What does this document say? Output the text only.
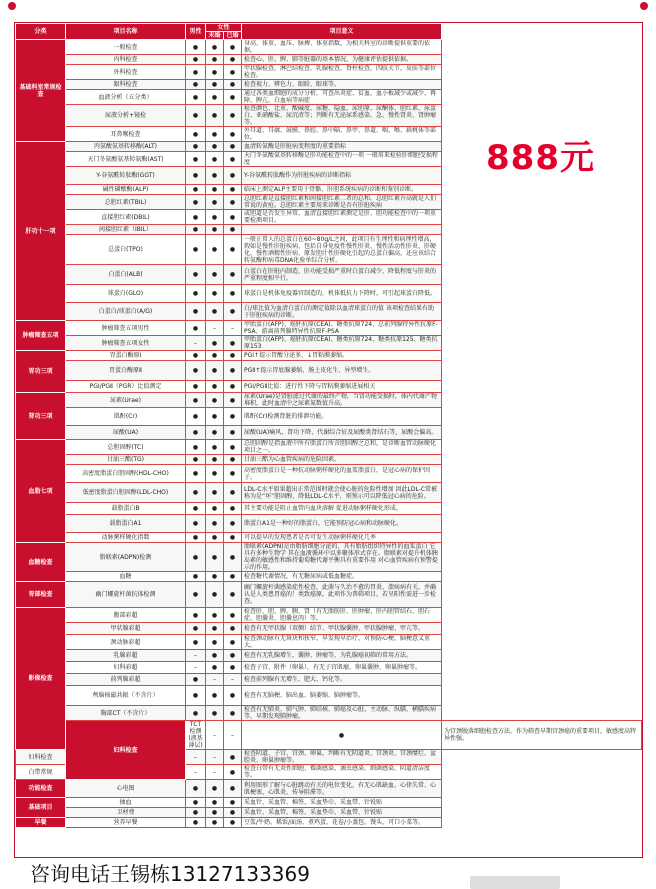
分类	项目名称	男性	女性		项目意义	
			未婚	已婚		
基础科室常规检查	一般检查	●	●	●	身高、体重、血压、脉搏、体重指数，为相关科室的诊断提供重要的依据。	
	内科检查	●	●	●	检查心、肝、脾、肺等脏器的基本情况，为健康评估提供依据。	
	外科检查	●	●	●	甲状腺检查，淋巴结检查，乳腺检查，脊柱检查，四肢关节，皮肤等部位检查。	
	眼科检查	●	●	●	检查视力、辨色力、眼睑、眼球等。	
	血液分析（五分类）	●	●	●	通过各类血细胞的成分分析，可查出炎症、贫血、血小板减少或减少、再障、脾亢、白血病等病症	
	尿液分析+镜检	●	●	●	检查颜色、比重、酸碱度、尿糖、隐血、尿胆原、尿酮体、胆红素、尿蛋白、亚硝酸盐、尿沉渣等；判断有无泌尿系感染、急、慢性肾炎、肾肿瘤等。	
	耳鼻喉检查	●	●	●	外耳道、耳廓、鼓膜、鼻腔、鼻中隔、鼻甲、鼻道、咽、喉、扁桃体等部位。	
肝功十一项	丙氨酸氨基转移酶(ALT)	●	●	●	血清转氨酶是肝脏病变程度的重要指标	
	天门冬氨酸氨基转氨酶(AST)	●	●	●	天门冬氨酸氨基转移酶是肝功能检查中的一项 一般用来检验肝细胞受损程度	
	Y-谷氨酰转肽酶(GGT)	●	●	●	Y-谷氨酰转肽酶作为肝脏疾病的诊断指标	
	碱性磷酸酶(ALP)	●	●	●	临床上测定ALP主要用于骨骼、肝胆系统疾病的诊断和鉴别诊断。	
	总胆红素(TBIL)	●	●	●	总胆红素是直接胆红素和间接胆红素二者的总和，总胆红素升高就是人们常说的黄疸。总胆红素主要用来诊断是否有肝脏疾病	
	直接胆红素(DBIL)	●	●	●	或胆道是否发生异常，血清直接胆红素测定是肝、胆功能检查中的一项重要检测项目。	
	间接胆红素（IBIL）	●	●	●		
	总蛋白(TPO)	●	●	●	一般正常人的总蛋白在60~80g/L之间，此项目有生理性和病理性增高，假如是慢性肝脏疾病，包括自身免疫性慢性肝炎、慢性活动性肝炎、肝硬化、慢性酒精性肝病、原发胆汁性肝硬化引起的总蛋白偏高，还应该结合转氨酶和病毒DNA化验单综合分析。	
	白蛋白(ALB)	●	●	●	白蛋白在肝脏内制造，肝功能受损严重时白蛋白减少，降低程度与肝炎的严重程度相平行。	
	球蛋白(GLO)	●	●	●	球蛋白是机体免疫器官制造的，机体抵抗力下降时，可引起球蛋白降低。	
	白蛋白/球蛋白(A/G)	●	●	●	白/球比值为血清白蛋白的测定值除以血清球蛋白的值 该项检查结果有助于肝脏疾病的诊断。	
肿瘤筛查五项	肿瘤筛查五项男性	●	–	–	甲胎蛋白(AFP)、癌胚抗原(CEA)、糖类抗原724、总前列腺特异性抗原F-PSA、游离前列腺特异性抗原F-PSA	
	肿瘤筛查五项女性	–	●	●	甲胎蛋白(AFP)、癌胚抗原(CEA)、糖类抗原724、糖类抗原125、糖类抗原153	
胃功三项	胃蛋白酶原Ⅰ	●	●	●	PGⅠ↑提示胃酸分泌多，↓胃粘膜萎缩。	
	胃蛋白酶原Ⅱ	●	●	●	PGⅡ↑提示胃底腺萎缩、肠上皮化生、异型增生。	
	PGⅠ/PGⅡ（PGR）比值测定	●	●	●	PGⅠ/PGⅡ比值：进行性下降与胃粘膜萎缩进展相关	
肾功三项	尿素(Urae)	●	●	●	尿素(Urae)是肾脏滤过代谢的最终产物，当肾功能受损时，体内代谢产物堆积，此时血清中之尿素氮数值升高。	
	肌酐(Cr)	●	●	●	肌酐(Cr)检测肾脏的排泄功能。	
	尿酸(UA)	●	●	●	尿酸(UA)痛风、肾功下降、代谢综合征及尿酸类肾结石等，尿酸会偏高。	
血脂七项	总胆固醇(TC)	●	●	●	总胆固醇是指血液中所有脂蛋白所含胆固醇之总和，是诊断血管动脉硬化项目之一。	
	甘油三酯(TG)	●	●	●	甘油三酯为心血管疾病的危险因素。	
	高密度脂蛋白胆固醇(HDL-CHO)	●	●	●	高密度脂蛋白是一种抗动脉粥样硬化的血浆脂蛋白，是冠心病的保护因子。	
	低密度脂蛋白胆固醇(LDL-CHO)	●	●	●	LDL-C水平如果超出正常范围时就会使心脏的危险性增加 因此LDL-C常被称为是“坏”胆固醇，降低LDL-C水平，则预示可以降低冠心病的危险。	
	载脂蛋白B	●	●	●	其主要功能是阻止血管内血块溶解 促进动脉粥样硬化形成。	
	载脂蛋白A1	●	●	●	脂蛋白A1是一种好的脂蛋白，它能预防冠心病和动脉硬化。	
	动脉粥样硬化指数	●	●	●	可以提早的发现患者是否可发生动脉粥样硬化几率	
血糖检查	脂联素(ADPN)检测	●	●	●	脂联素(ADPN)是由脂肪细胞分泌的、具有脂肪组织特异性的血浆蛋白 它具有多种生物学 其在血液循环中以多聚体形式存在。脂联素对提升机体胰岛素的敏感性和维持葡萄糖代谢平衡具有重要作用 对心血管疾病有预警提示的作用。	
	血糖	●	●	●	检查糖代谢情况，有无糖尿病或低血糖症。	
胃部检查	幽门螺旋杆菌抗体检测	●	●	●	幽门螺旋杆菌感染症性检查，此菌与久治不愈的胃炎、溃疡病有关，并确认是人类患胃癌的！类致癌原，此项作为普筛项目，若呈阳性需进一步检查。	
影像检查	腹部彩超	●	●	●	检查肝、胆、脾、胰、肾（有无脂肪肝、肝肿瘤、肝内胆管结石、胆石症、胆囊炎、胆囊息肉）等。	
	甲状腺彩超	●	●	●	检查有无甲状腺（双侧）结节、甲状腺囊肿、甲状腺肿瘤、甲亢等。	
	颈动脉彩超	●	●	●	检查颈动脉有无斑块和狭窄，早发现早治疗，对预防心梗、脑梗意义重大。	
	乳腺彩超	–	●	●	检查有无乳腺增生、囊肿、肿瘤等，为乳腺癌初筛的常用方法。	
	妇科彩超	–	●	●	检查子宫、附件（卵巢），有无子宫肌瘤、卵巢囊肿、卵巢肿瘤等。	
	前列腺彩超	●	–	–	检查前列腺有无增生、肥大、钙化等。	
	颅脑核磁共振（不含片）	●	●	●	检查有无脑梗、脑出血、脑萎缩、脑肿瘤等。	
	胸部CT（不含片）	●	●	●	检查有无肺炎、肺气肿、肺结核、肺癌及心脏、主动脉、纵膈、横膈疾病等，早期发现肺肿瘤。	
	妇科检查	TCT检测(液基薄层)	–	–	●	为宫颈脱落细胞检查方法，作为筛查早期宫颈癌的重要项目，敏感度高特异性强。
妇科检查		–	–	●	检查阴道、子宫、宫颈、卵巢，判断有无阴道炎、宫颈炎、宫颈糜烂、盆腔炎、卵巢肿瘤等。	
白带常规		–	–	●	检查白带有无炎性细胞、霉菌感染、滴虫感染、细菌感染、阴道清洁度等。	
功能检查	心电图	●	●	●	利用图形了解与心脏跳动有关的电位变化，有无心肌缺血、心律失常、心肌梗塞、心肌炎、传导阻滞等。	
基础项目	抽血	●	●	●	采血针、采血管、棉签、采血垫巾、采血带、针锐贴	
	卫材费	●	●	●	采血针、采血管、棉签、采血垫巾、采血带、针锐贴	
早餐	营养早餐	●	●	●	豆浆/牛奶、稀饭/面汤、煮鸡蛋、花卷/小蒸包、馒头、可口小菜等。	
888元
咨询电话王锡栋13127133369
